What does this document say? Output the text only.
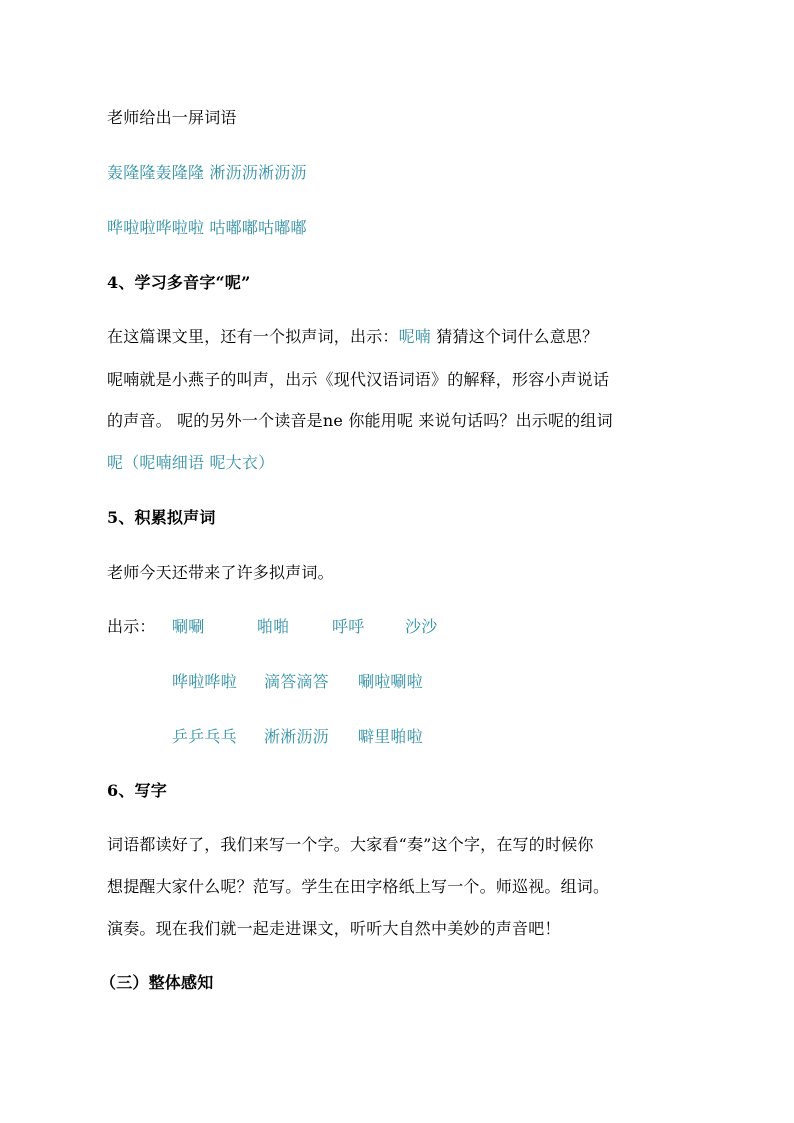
老师给出一屏词语
轰隆隆轰隆隆 淅沥沥淅沥沥
哗啦啦哗啦啦 咕嘟嘟咕嘟嘟
4、学习多音字“呢”
在这篇课文里，还有一个拟声词，出示：呢喃 猜猜这个词什么意思？
呢喃就是小燕子的叫声，出示《现代汉语词语》的解释，形容小声说话
的声音。 呢的另外一个读音是ne 你能用呢 来说句话吗？出示呢的组词
呢（呢喃细语 呢大衣）
5、积累拟声词
老师今天还带来了许多拟声词。
出示： 唰唰	啪啪	呼呼	沙沙
哗啦哗啦 滴答滴答 唰啦唰啦
乒乒乓乓 淅淅沥沥 噼里啪啦
6、写字
词语都读好了，我们来写一个字。大家看“奏”这个字，在写的时候你
想提醒大家什么呢？范写。学生在田字格纸上写一个。师巡视。组词。
演奏。现在我们就一起走进课文，听听大自然中美妙的声音吧！
（三）整体感知
